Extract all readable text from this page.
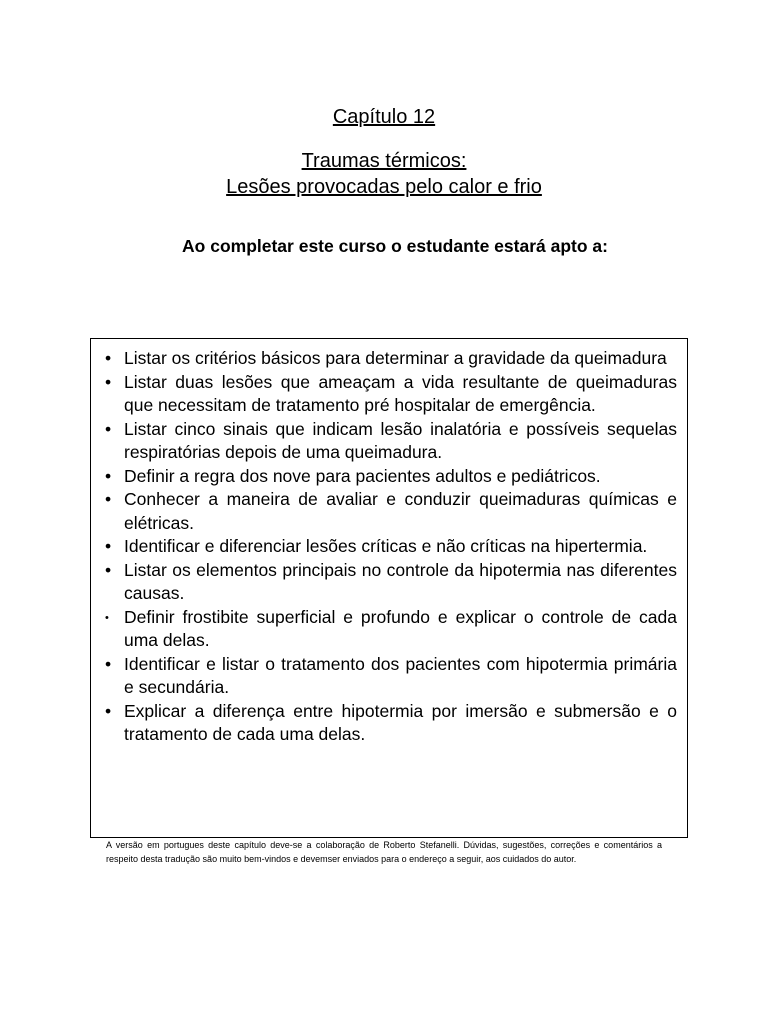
Capítulo 12
Traumas térmicos:
Lesões provocadas pelo calor e frio
Ao completar este curso o estudante estará apto a:
• Listar os critérios básicos para determinar a gravidade da queimadura
• Listar duas lesões que ameaçam a vida resultante de queimaduras que necessitam de tratamento pré hospitalar de emergência.
• Listar cinco sinais que indicam lesão inalatória e possíveis sequelas respiratórias depois de uma queimadura.
• Definir a regra dos nove para pacientes adultos e pediátricos.
• Conhecer a maneira de avaliar e conduzir queimaduras químicas e elétricas.
• Identificar e diferenciar lesões críticas e não críticas na hipertermia.
• Listar os elementos principais no controle da hipotermia nas diferentes causas.
• Definir frostibite superficial e profundo e explicar o controle de cada uma delas.
• Identificar e listar o tratamento dos pacientes com hipotermia primária e secundária.
• Explicar a diferença entre hipotermia por imersão e submersão e o tratamento de cada uma delas.
A versão em portugues deste capítulo deve-se a colaboração de Roberto Stefanelli. Dúvidas, sugestões, correções e comentários a respeito desta tradução são muito bem-vindos e devemser enviados para o endereço a seguir, aos cuidados do autor.
